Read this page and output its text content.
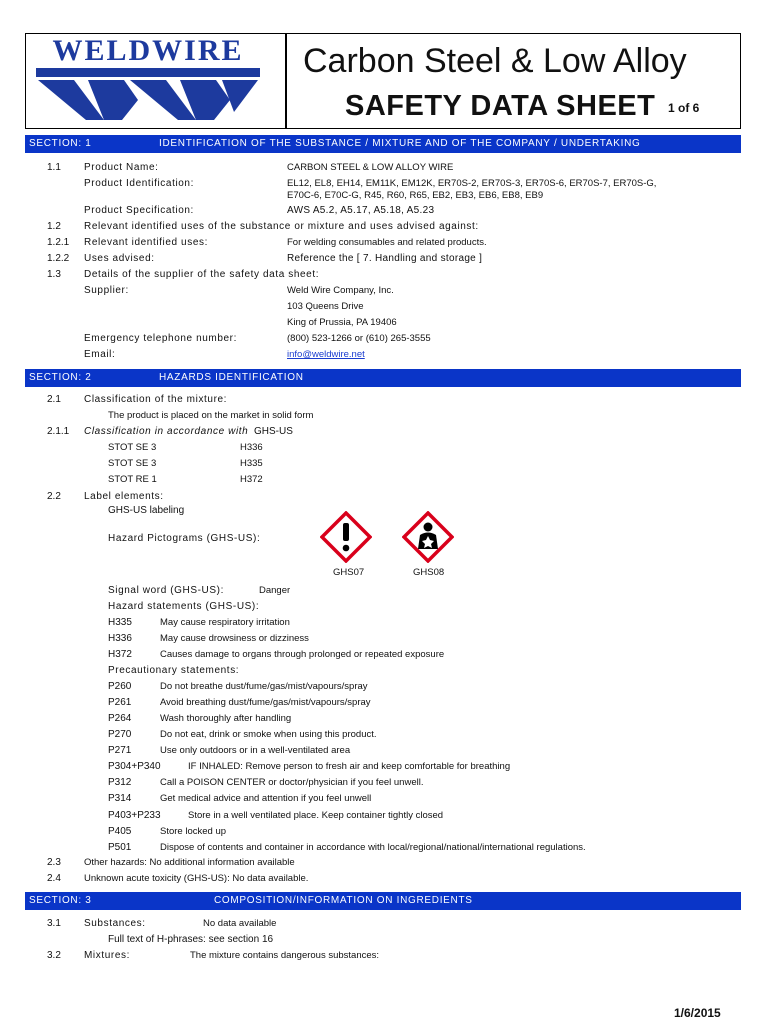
WELDWIRE	Carbon Steel & Low Alloy
SAFETY DATA SHEET 1 of 6
SECTION: 1	IDENTIFICATION OF THE SUBSTANCE / MIXTURE AND OF THE COMPANY / UNDERTAKING
1.1 Product Name:	CARBON STEEL & LOW ALLOY WIRE
Product Identification:	EL12, EL8, EH14, EM11K, EM12K, ER70S-2, ER70S-3, ER70S-6, ER70S-7, ER70S-G,
E70C-6, E70C-G, R45, R60, R65, EB2, EB3, EB6, EB8, EB9
Product Specification:	AWS A5.2, A5.17, A5.18, A5.23
1.2 Relevant identified uses of the substance or mixture and uses advised against:
1.2.1 Relevant identified uses:	For welding consumables and related products.
1.2.2 Uses advised:	Reference the [ 7. Handling and storage ]
1.3 Details of the supplier of the safety data sheet:
Supplier:	Weld Wire Company, Inc.
103 Queens Drive
King of Prussia, PA 19406
Emergency telephone number:	(800) 523-1266 or (610) 265-3555
Email:	info@weldwire.net
SECTION: 2	HAZARDS IDENTIFICATION
2.1 Classification of the mixture:
The product is placed on the market in solid form
2.1.1 Classification in accordance with GHS-US
STOT SE 3	H336
STOT SE 3	H335
STOT RE 1	H372
2.2 Label elements:
GHS-US labeling
Hazard Pictograms (GHS-US):
GHS07	GHS08
Signal word (GHS-US):	Danger
Hazard statements (GHS-US):
H335	May cause respiratory irritation
H336	May cause drowsiness or dizziness
H372	Causes damage to organs through prolonged or repeated exposure
Precautionary statements:
P260	Do not breathe dust/fume/gas/mist/vapours/spray
P261	Avoid breathing dust/fume/gas/mist/vapours/spray
P264	Wash thoroughly after handling
P270	Do not eat, drink or smoke when using this product.
P271	Use only outdoors or in a well-ventilated area
P304+P340	IF INHALED: Remove person to fresh air and keep comfortable for breathing
P312	Call a POISON CENTER or doctor/physician if you feel unwell.
P314	Get medical advice and attention if you feel unwell
P403+P233	Store in a well ventilated place. Keep container tightly closed
P405	Store locked up
P501	Dispose of contents and container in accordance with local/regional/national/international regulations.
2.3 Other hazards: No additional information available
2.4 Unknown acute toxicity (GHS-US): No data available.
SECTION: 3	COMPOSITION/INFORMATION ON INGREDIENTS
3.1 Substances:	No data available
Full text of H-phrases: see section 16
3.2 Mixtures:	The mixture contains dangerous substances:
1/6/2015
